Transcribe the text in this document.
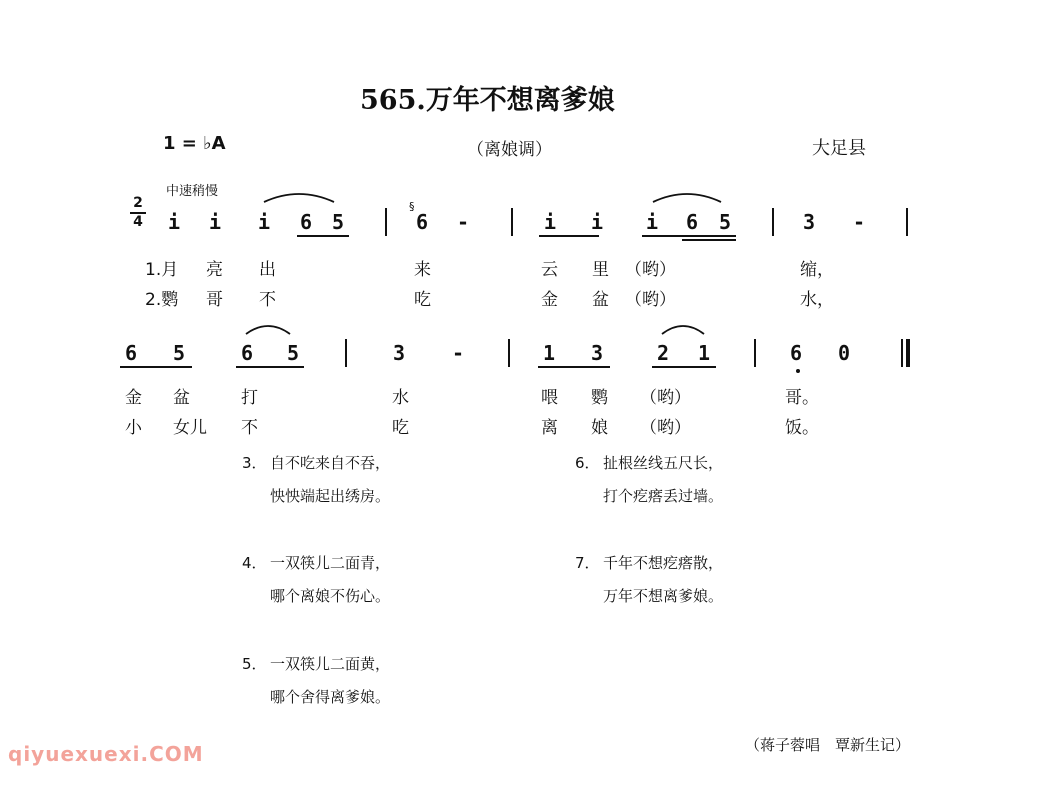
565.万年不想离爹娘
1 = ♭A	（离娘调）	大足县
中速稍慢
2
4 i i i 6 5
§
6 -	i i i 6 5	3 -
1.月 亮 出	来	云 里 （哟）	缩，
2.鹦 哥 不	吃	金 盆 （哟）	水，
6 5	6 5	3 -	1 3	2 1	6 0
金 盆	打	水	喂 鹦 （哟）	哥。
小 女儿 不	吃	离 娘 （哟）	饭。
3． 自不吃来自不吞，
怏怏端起出绣房。
4． 一双筷儿二面青，
哪个离娘不伤心。
5． 一双筷儿二面黄，
哪个舍得离爹娘。
6． 扯根丝线五尺长，
打个疙瘩丢过墙。
7． 千年不想疙瘩散，
万年不想离爹娘。
（蒋子蓉唱　覃新生记）
qiyuexuexi.COM
